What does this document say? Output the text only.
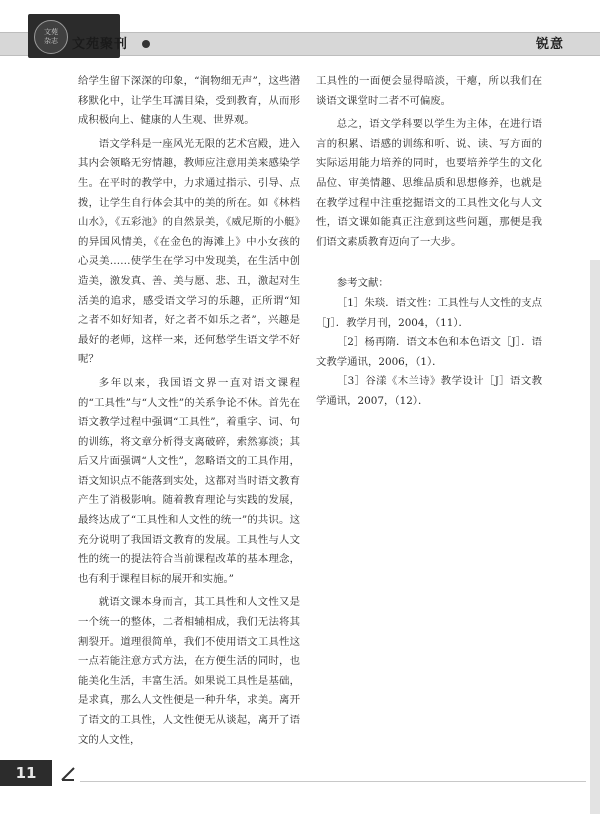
文苑杂志 文苑聚刊	锐意

给学生留下深深的印象，“润物细无声”，这些潜移默化中，让学生耳濡目染，受到教育，从而形成积极向上、健康的人生观、世界观。

语文学科是一座风光无限的艺术宫殿，进入其内会领略无穷情趣，教师应注意用美来感染学生。在平时的教学中，力求通过指示、引导、点拨，让学生自行体会其中的美的所在。如《林档山水》，《五彩池》的自然景美，《威尼斯的小艇》的异国风情美，《在金色的海滩上》中小女孩的心灵美……使学生在学习中发现美，在生活中创造美，激发真、善、美与愿、悲、丑，激起对生活美的追求，感受语文学习的乐趣，正所谓“知之者不如好知者，好之者不如乐之者”，兴趣是最好的老师，这样一来，还何愁学生语文学不好呢？

多年以来，我国语文界一直对语文课程的“工具性”与“人文性”的关系争论不休。首先在语文教学过程中强调“工具性”，着重字、词、句的训练，将文章分析得支离破碎，索然寡淡；其后又片面强调“人文性”，忽略语文的工具作用，语文知识点不能落到实处，这都对当时语文教育产生了消极影响。随着教育理论与实践的发展，最终达成了“工具性和人文性的统一”的共识。这充分说明了我国语文教育的发展。工具性与人文性的统一的提法符合当前课程改革的基本理念，也有利于课程目标的展开和实施。”

就语文课本身而言，其工具性和人文性又是一个统一的整体，二者相辅相成，我们无法将其割裂开。道理很简单，我们不使用语文工具性这一点若能注意方式方法，在方便生活的同时，也能美化生活，丰富生活。如果说工具性是基础，是求真，那么人文性便是一种升华，求美。离开了语文的工具性，人文性便无从谈起，离开了语文的人文性，

工具性的一面便会显得暗淡，干瘪，所以我们在谈语文课堂时二者不可偏废。

总之，语文学科要以学生为主体，在进行语言的积累、语感的训练和听、说、读、写方面的实际运用能力培养的同时，也要培养学生的文化品位、审美情趣、思维品质和思想修养，也就是在教学过程中注重挖掘语文的工具性文化与人文性，语文课如能真正注意到这些问题，那便是我们语文素质教育迈向了一大步。

参考文献：

［1］朱琰．语文性：工具性与人文性的支点［J］．教学月刊，2004，（11）．

［2］杨再隋．语文本色和本色语文［J］．语文教学通讯，2006，（1）．

［3］谷漾《木兰诗》教学设计［J］语文教学通讯，2007，（12）．

11
